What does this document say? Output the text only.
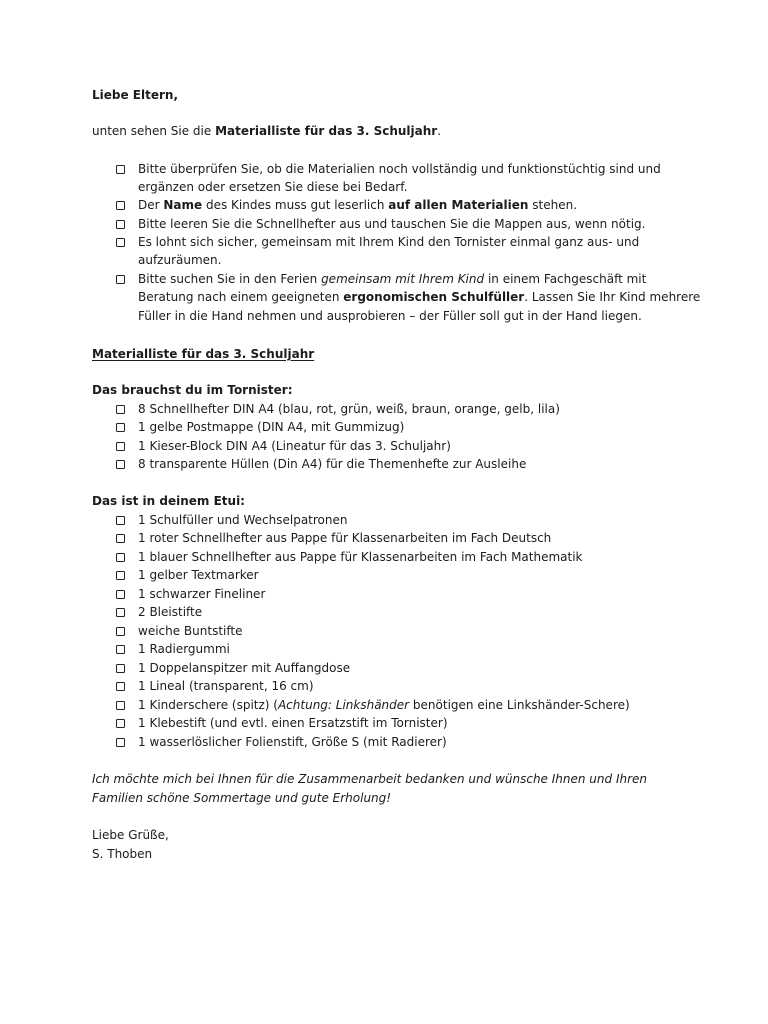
Liebe Eltern,
unten sehen Sie die Materialliste für das 3. Schuljahr.
Bitte überprüfen Sie, ob die Materialien noch vollständig und funktionstüchtig sind und
ergänzen oder ersetzen Sie diese bei Bedarf.
Der Name des Kindes muss gut leserlich auf allen Materialien stehen.
Bitte leeren Sie die Schnellhefter aus und tauschen Sie die Mappen aus, wenn nötig.
Es lohnt sich sicher, gemeinsam mit Ihrem Kind den Tornister einmal ganz aus- und
aufzuräumen.
Bitte suchen Sie in den Ferien gemeinsam mit Ihrem Kind in einem Fachgeschäft mit
Beratung nach einem geeigneten ergonomischen Schulfüller. Lassen Sie Ihr Kind mehrere
Füller in die Hand nehmen und ausprobieren – der Füller soll gut in der Hand liegen.
Materialliste für das 3. Schuljahr
Das brauchst du im Tornister:
8 Schnellhefter DIN A4 (blau, rot, grün, weiß, braun, orange, gelb, lila)
1 gelbe Postmappe (DIN A4, mit Gummizug)
1 Kieser-Block DIN A4 (Lineatur für das 3. Schuljahr)
8 transparente Hüllen (Din A4) für die Themenhefte zur Ausleihe
Das ist in deinem Etui:
1 Schulfüller und Wechselpatronen
1 roter Schnellhefter aus Pappe für Klassenarbeiten im Fach Deutsch
1 blauer Schnellhefter aus Pappe für Klassenarbeiten im Fach Mathematik
1 gelber Textmarker
1 schwarzer Fineliner
2 Bleistifte
weiche Buntstifte
1 Radiergummi
1 Doppelanspitzer mit Auffangdose
1 Lineal (transparent, 16 cm)
1 Kinderschere (spitz) (Achtung: Linkshänder benötigen eine Linkshänder-Schere)
1 Klebestift (und evtl. einen Ersatzstift im Tornister)
1 wasserlöslicher Folienstift, Größe S (mit Radierer)
Ich möchte mich bei Ihnen für die Zusammenarbeit bedanken und wünsche Ihnen und Ihren
Familien schöne Sommertage und gute Erholung!
Liebe Grüße,
S. Thoben
